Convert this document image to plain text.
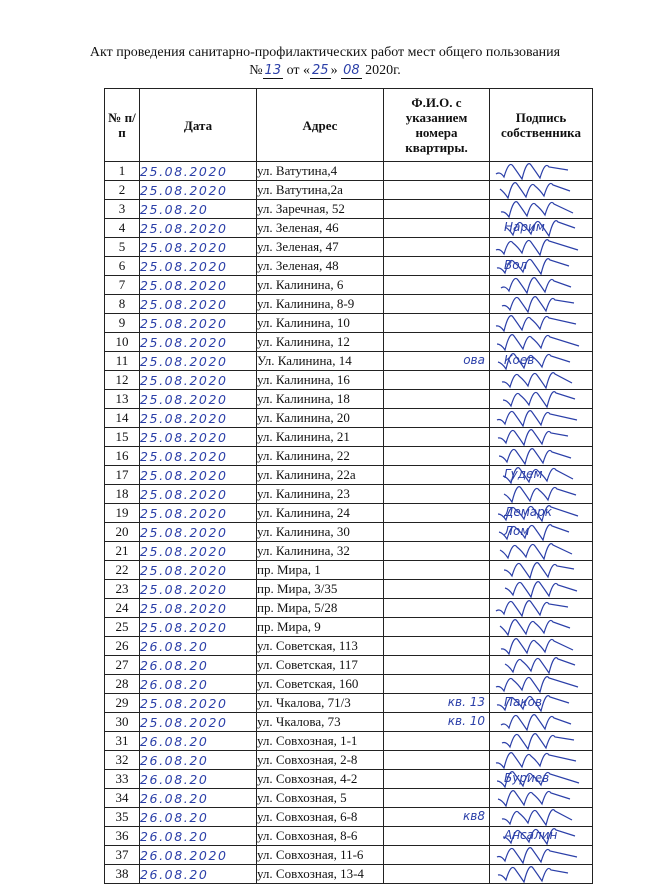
Акт проведения санитарно-профилактических работ мест общего пользования
№ 13 от « 25 » 08 2020г.
№ п/п	Дата	Адрес	Ф.И.О. с указанием номера квартиры.	Подпись собственника
1	25.08.2020	ул. Ватутина,4		

2	25.08.2020	ул. Ватутина,2а		

3	25.08.20	ул. Заречная, 52		

4	25.08.2020	ул. Зеленая, 46		Нарим

5	25.08.2020	ул. Зеленая, 47		

6	25.08.2020	ул. Зеленая, 48		Вол

7	25.08.2020	ул. Калинина, 6		

8	25.08.2020	ул. Калинина, 8-9		

9	25.08.2020	ул. Калинина, 10		

10	25.08.2020	ул. Калинина, 12		

11	25.08.2020	Ул. Калинина, 14	ова	Коев

12	25.08.2020	ул. Калинина, 16		

13	25.08.2020	ул. Калинина, 18		

14	25.08.2020	ул. Калинина, 20		

15	25.08.2020	ул. Калинина, 21		

16	25.08.2020	ул. Калинина, 22		

17	25.08.2020	ул. Калинина, 22а		Гудем

18	25.08.2020	ул. Калинина, 23		

19	25.08.2020	ул. Калинина, 24		Демарк

20	25.08.2020	ул. Калинина, 30		Лом

21	25.08.2020	ул. Калинина, 32		

22	25.08.2020	пр. Мира, 1		

23	25.08.2020	пр. Мира, 3/35		

24	25.08.2020	пр. Мира, 5/28		

25	25.08.2020	пр. Мира, 9		

26	26.08.20	ул. Советская, 113		

27	26.08.20	ул. Советская, 117		

28	26.08.20	ул. Советская, 160		

29	25.08.2020	ул. Чкалова, 71/3	кв. 13	Паков

30	25.08.2020	ул. Чкалова, 73	кв. 10

31	26.08.20	ул. Совхозная, 1-1		

32	26.08.20	ул. Совхозная, 2-8		

33	26.08.20	ул. Совхозная, 4-2		Буриев

34	26.08.20	ул. Совхозная, 5		

35	26.08.20	ул. Совхозная, 6-8	кв8

36	26.08.20	ул. Совхозная, 8-6		Ансалин

37	26.08.2020	ул. Совхозная, 11-6		

38	26.08.20	ул. Совхозная, 13-4		
